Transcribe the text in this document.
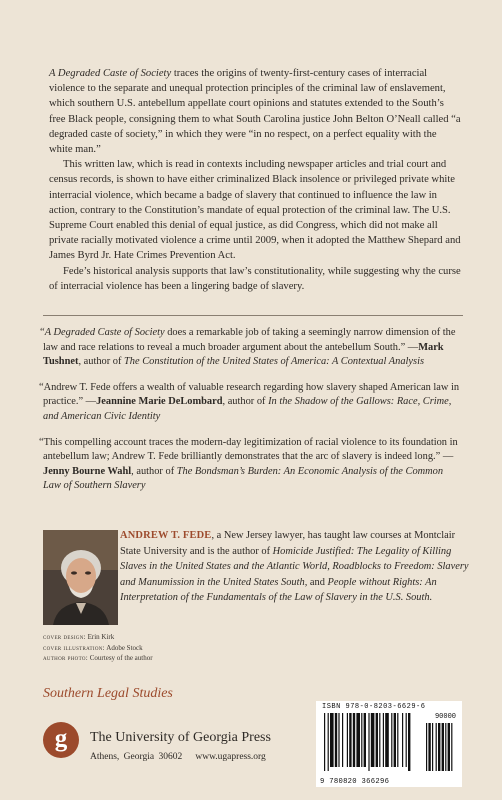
A Degraded Caste of Society traces the origins of twenty-first-century cases of interracial violence to the separate and unequal protection principles of the criminal law of enslavement, which southern U.S. antebellum appellate court opinions and statutes extended to the South’s free Black people, consigning them to what South Carolina justice John Belton O’Neall called “a degraded caste of society,” in which they were “in no respect, on a perfect equality with the white man.”

This written law, which is read in contexts including newspaper articles and trial court and census records, is shown to have either criminalized Black insolence or privileged private white interracial violence, which became a badge of slavery that continued to influence the law in action, contrary to the Constitution’s mandate of equal protection of the criminal law. The U.S. Supreme Court enabled this denial of equal justice, as did Congress, which did not make all private racially motivated violence a crime until 2009, when it adopted the Matthew Shepard and James Byrd Jr. Hate Crimes Prevention Act.

Fede’s historical analysis supports that law’s constitutionality, while suggesting why the curse of interracial violence has been a lingering badge of slavery.

“A Degraded Caste of Society does a remarkable job of taking a seemingly narrow dimension of the law and race relations to reveal a much broader argument about the antebellum South.” —Mark Tushnet, author of The Constitution of the United States of America: A Contextual Analysis

“Andrew T. Fede offers a wealth of valuable research regarding how slavery shaped American law in practice.” —Jeannine Marie DeLombard, author of In the Shadow of the Gallows: Race, Crime, and American Civic Identity

“This compelling account traces the modern-day legitimization of racial violence to its foundation in antebellum law; Andrew T. Fede brilliantly demonstrates that the arc of slavery is indeed long.” —Jenny Bourne Wahl, author of The Bondsman’s Burden: An Economic Analysis of the Common Law of Southern Slavery

ANDREW T. FEDE, a New Jersey lawyer, has taught law courses at Montclair State University and is the author of Homicide Justified: The Legality of Killing Slaves in the United States and the Atlantic World, Roadblocks to Freedom: Slavery and Manumission in the United States South, and People without Rights: An Interpretation of the Fundamentals of the Law of Slavery in the U.S. South.
cover design: Erin Kirk
cover illustration: Adobe Stock
author photo: Courtesy of the author
Southern Legal Studies
g The University of Georgia Press
Athens, Georgia 30602 www.ugapress.org
ISBN 978-0-8203-6629-6
90000
9 780820 366296
